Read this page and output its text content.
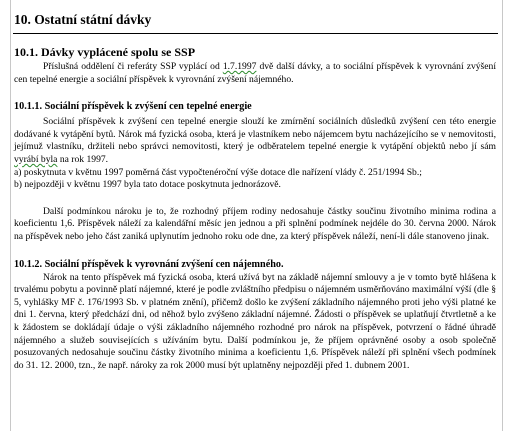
10. Ostatní státní dávky
10.1. Dávky vyplácené spolu se SSP

Příslušná oddělení či referáty SSP vyplácí od 1.7.1997 dvě další dávky, a to sociální příspěvek k vyrovnání zvýšení cen tepelné energie a sociální příspěvek k vyrovnání zvýšení nájemného.

10.1.1. Sociální příspěvek k zvýšení cen tepelné energie

Sociální příspěvek k zvýšení cen tepelné energie slouží ke zmírnění sociálních důsledků zvýšení cen této energie dodávané k vytápění bytů. Nárok má fyzická osoba, která je vlastníkem nebo nájemcem bytu nacházejícího se v nemovitosti, jejímuž vlastníku, držiteli nebo správci nemovitosti, který je odběratelem tepelné energie k vytápění objektů nebo jí sám vyrábí byla na rok 1997.

a) poskytnuta v květnu 1997 poměrná část vypočtenéroční výše dotace dle nařízení vlády č. 251/1994 Sb.;

b) nejpozději v květnu 1997 byla tato dotace poskytnuta jednorázově.

Další podmínkou nároku je to, že rozhodný příjem rodiny nedosahuje částky součinu životního minima rodina a koeficientu 1,6. Příspěvek náleží za kalendářní měsíc jen jednou a při splnění podmínek nejdéle do 30. června 2000. Nárok na příspěvek nebo jeho část zaniká uplynutím jednoho roku ode dne, za který příspěvek náleží, není-li dále stanoveno jinak.

10.1.2. Sociální příspěvek k vyrovnání zvýšení cen nájemného.

Nárok na tento příspěvek má fyzická osoba, která užívá byt na základě nájemní smlouvy a je v tomto bytě hlášena k trvalému pobytu a povinně platí nájemné, které je podle zvláštního předpisu o nájemném usměrňováno maximální výší (dle § 5, vyhlášky MF č. 176/1993 Sb. v platném znění), přičemž došlo ke zvýšení základního nájemného proti jeho výši platné ke dni 1. června, který předchází dni, od něhož bylo zvýšeno základní nájemné. Žádosti o příspěvek se uplatňují čtvrtletně a ke k žádostem se dokládají údaje o výši základního nájemného rozhodné pro nárok na příspěvek, potvrzení o řádné úhradě nájemného a služeb souvisejících s užíváním bytu. Další podmínkou je, že příjem oprávněné osoby a osob společně posuzovaných nedosahuje součinu částky životního minima a koeficientu 1,6. Příspěvek náleží při splnění všech podmínek do 31. 12. 2000, tzn., že např. nároky za rok 2000 musí být uplatněny nejpozději před 1. dubnem 2001.
